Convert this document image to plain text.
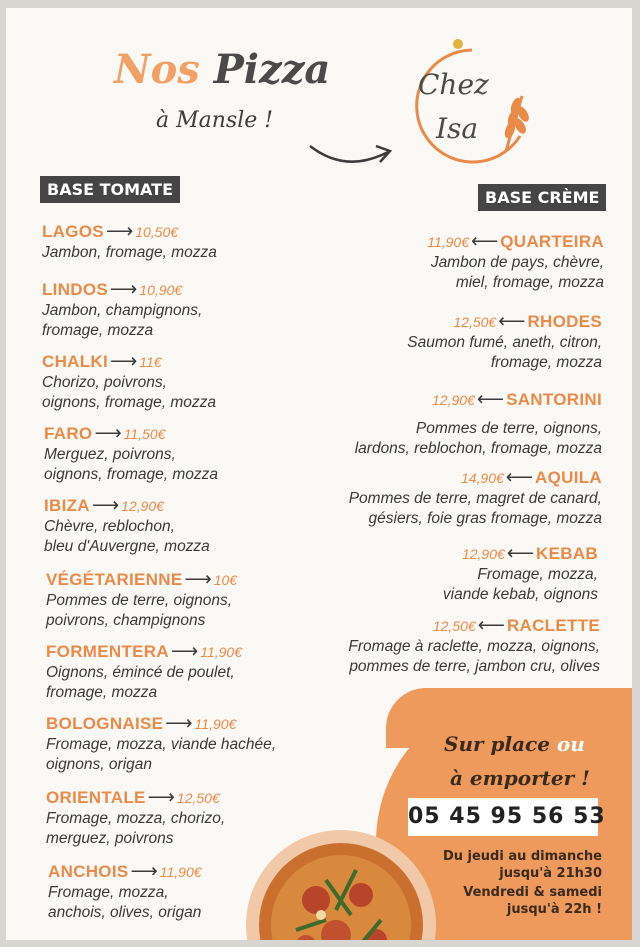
Nos Pizza
à Mansle !
Chez
Isa
BASE TOMATE	BASE CRÈME
LAGOS ⟶ 10,50€
Jambon, fromage, mozza
LINDOS ⟶ 10,90€
Jambon, champignons,
fromage, mozza
CHALKI ⟶ 11€
Chorizo, poivrons,
oignons, fromage, mozza
FARO ⟶ 11,50€
Merguez, poivrons,
oignons, fromage, mozza
IBIZA ⟶ 12,90€
Chèvre, reblochon,
bleu d'Auvergne, mozza
VÉGÉTARIENNE ⟶ 10€
Pommes de terre, oignons,
poivrons, champignons
FORMENTERA ⟶ 11,90€
Oignons, émincé de poulet,
fromage, mozza
BOLOGNAISE ⟶ 11,90€
Fromage, mozza, viande hachée,
oignons, origan
ORIENTALE ⟶ 12,50€
Fromage, mozza, chorizo,
merguez, poivrons
ANCHOIS ⟶ 11,90€
Fromage, mozza,
anchois, olives, origan
11,90€ ⟵ QUARTEIRA
Jambon de pays, chèvre,
miel, fromage, mozza
12,50€ ⟵ RHODES
Saumon fumé, aneth, citron,
fromage, mozza
12,90€ ⟵ SANTORINI
Pommes de terre, oignons,
lardons, reblochon, fromage, mozza
14,90€ ⟵ AQUILA
Pommes de terre, magret de canard,
gésiers, foie gras fromage, mozza
12,90€ ⟵ KEBAB
Fromage, mozza,
viande kebab, oignons
12,50€ ⟵ RACLETTE
Fromage à raclette, mozza, oignons,
pommes de terre, jambon cru, olives
Sur place ou
à emporter !
05 45 95 56 53
Du jeudi au dimanche
jusqu'à 21h30
Vendredi & samedi
jusqu'à 22h !
